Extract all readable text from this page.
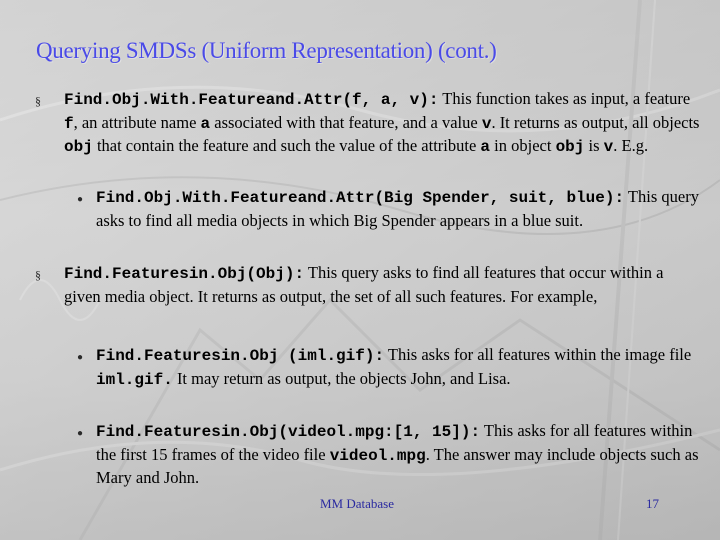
Querying SMDSs (Uniform Representation) (cont.)
§ Find.Obj.With.Featureand.Attr(f, a, v): This function takes as input, a feature f, an attribute name a associated with that feature, and a value v. It returns as output, all objects obj that contain the feature and such the value of the attribute a in object obj is v. E.g.
● Find.Obj.With.Featureand.Attr(Big Spender, suit, blue): This query asks to find all media objects in which Big Spender appears in a blue suit.
§ Find.Featuresin.Obj(Obj): This query asks to find all features that occur within a given media object. It returns as output, the set of all such features. For example,
● Find.Featuresin.Obj (iml.gif): This asks for all features within the image file iml.gif. It may return as output, the objects John, and Lisa.
● Find.Featuresin.Obj(videol.mpg:[1, 15]): This asks for all features within the first 15 frames of the video file videol.mpg. The answer may include objects such as Mary and John.
MM Database	17
